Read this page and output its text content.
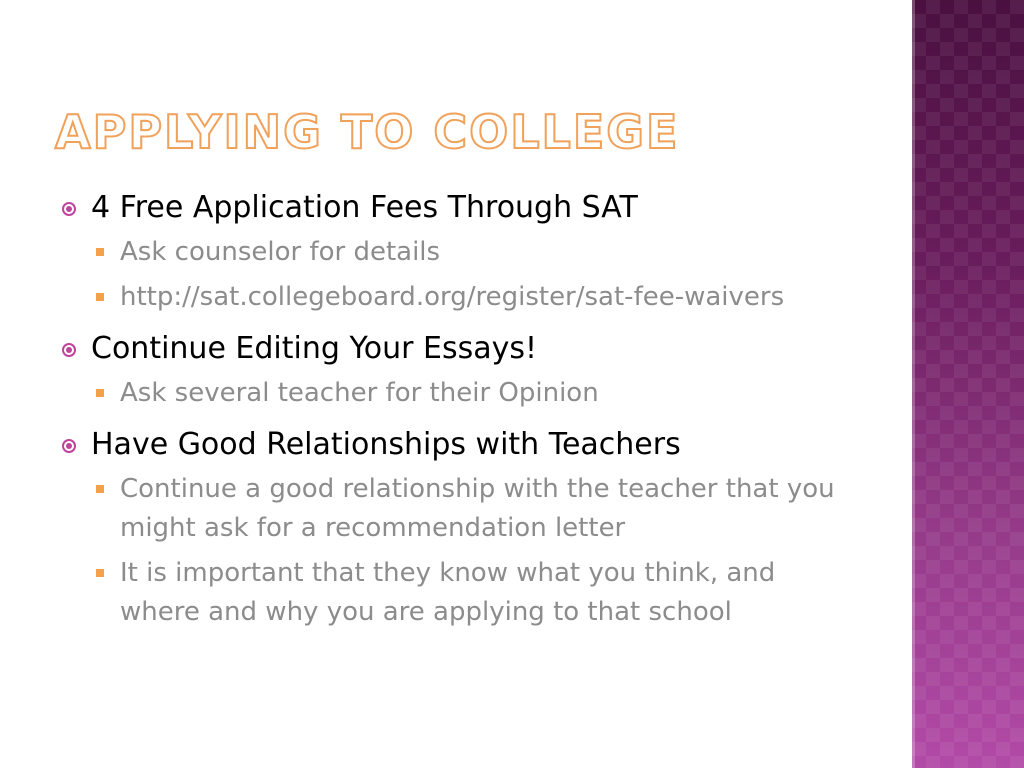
APPLYING TO COLLEGE
4 Free Application Fees Through SAT
Ask counselor for details
http://sat.collegeboard.org/register/sat-fee-waivers
Continue Editing Your Essays!
Ask several teacher for their Opinion
Have Good Relationships with Teachers
Continue a good relationship with the teacher that you might ask for a recommendation letter
It is important that they know what you think, and where and why you are applying to that school
